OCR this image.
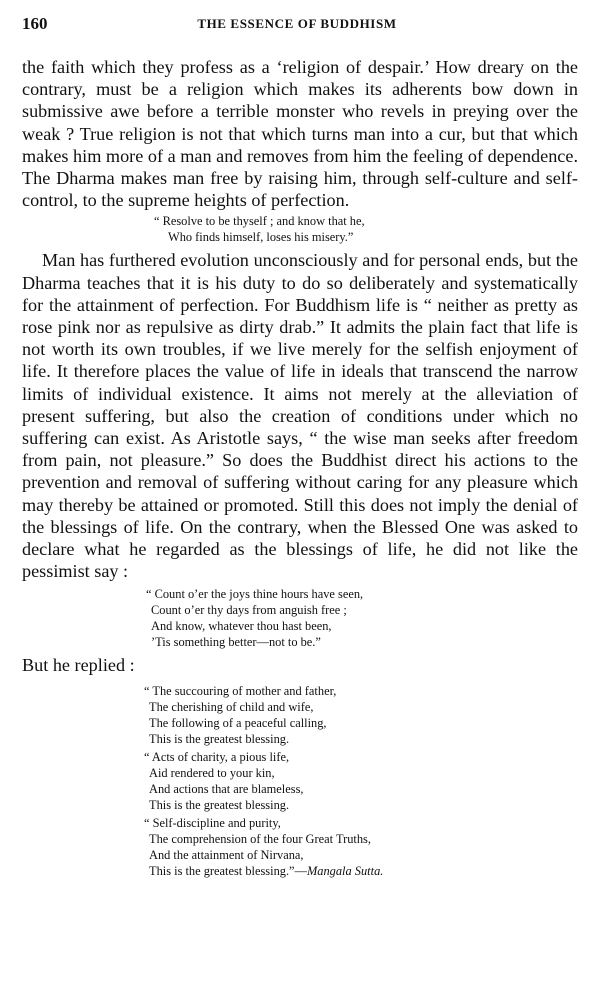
160	THE ESSENCE OF BUDDHISM

the faith which they profess as a ‘religion of despair.’ How dreary on the contrary, must be a religion which makes its adherents bow down in submissive awe before a terrible monster who revels in preying over the weak ? True religion is not that which turns man into a cur, but that which makes him more of a man and removes from him the feeling of dependence. The Dharma makes man free by raising him, through self-culture and self-control, to the supreme heights of perfection.

“ Resolve to be thyself ; and know that he,
Who finds himself, loses his misery.”

Man has furthered evolution unconsciously and for personal ends, but the Dharma teaches that it is his duty to do so deliberately and systematically for the attainment of perfection. For Buddhism life is “ neither as pretty as rose pink nor as repulsive as dirty drab.” It admits the plain fact that life is not worth its own troubles, if we live merely for the selfish enjoyment of life. It therefore places the value of life in ideals that transcend the narrow limits of individual existence. It aims not merely at the alleviation of present suffering, but also the creation of conditions under which no suffering can exist. As Aristotle says, “ the wise man seeks after freedom from pain, not pleasure.” So does the Buddhist direct his actions to the prevention and removal of suffering without caring for any pleasure which may thereby be attained or promoted. Still this does not imply the denial of the blessings of life. On the contrary, when the Blessed One was asked to declare what he regarded as the blessings of life, he did not like the pessimist say :

“ Count o’er the joys thine hours have seen,
Count o’er thy days from anguish free ;
And know, whatever thou hast been,
’Tis something better—not to be.”

But he replied :

“ The succouring of mother and father,
The cherishing of child and wife,
The following of a peaceful calling,
This is the greatest blessing.
“ Acts of charity, a pious life,
Aid rendered to your kin,
And actions that are blameless,
This is the greatest blessing.
“ Self-discipline and purity,
The comprehension of the four Great Truths,
And the attainment of Nirvana,
This is the greatest blessing.”—Mangala Sutta.
